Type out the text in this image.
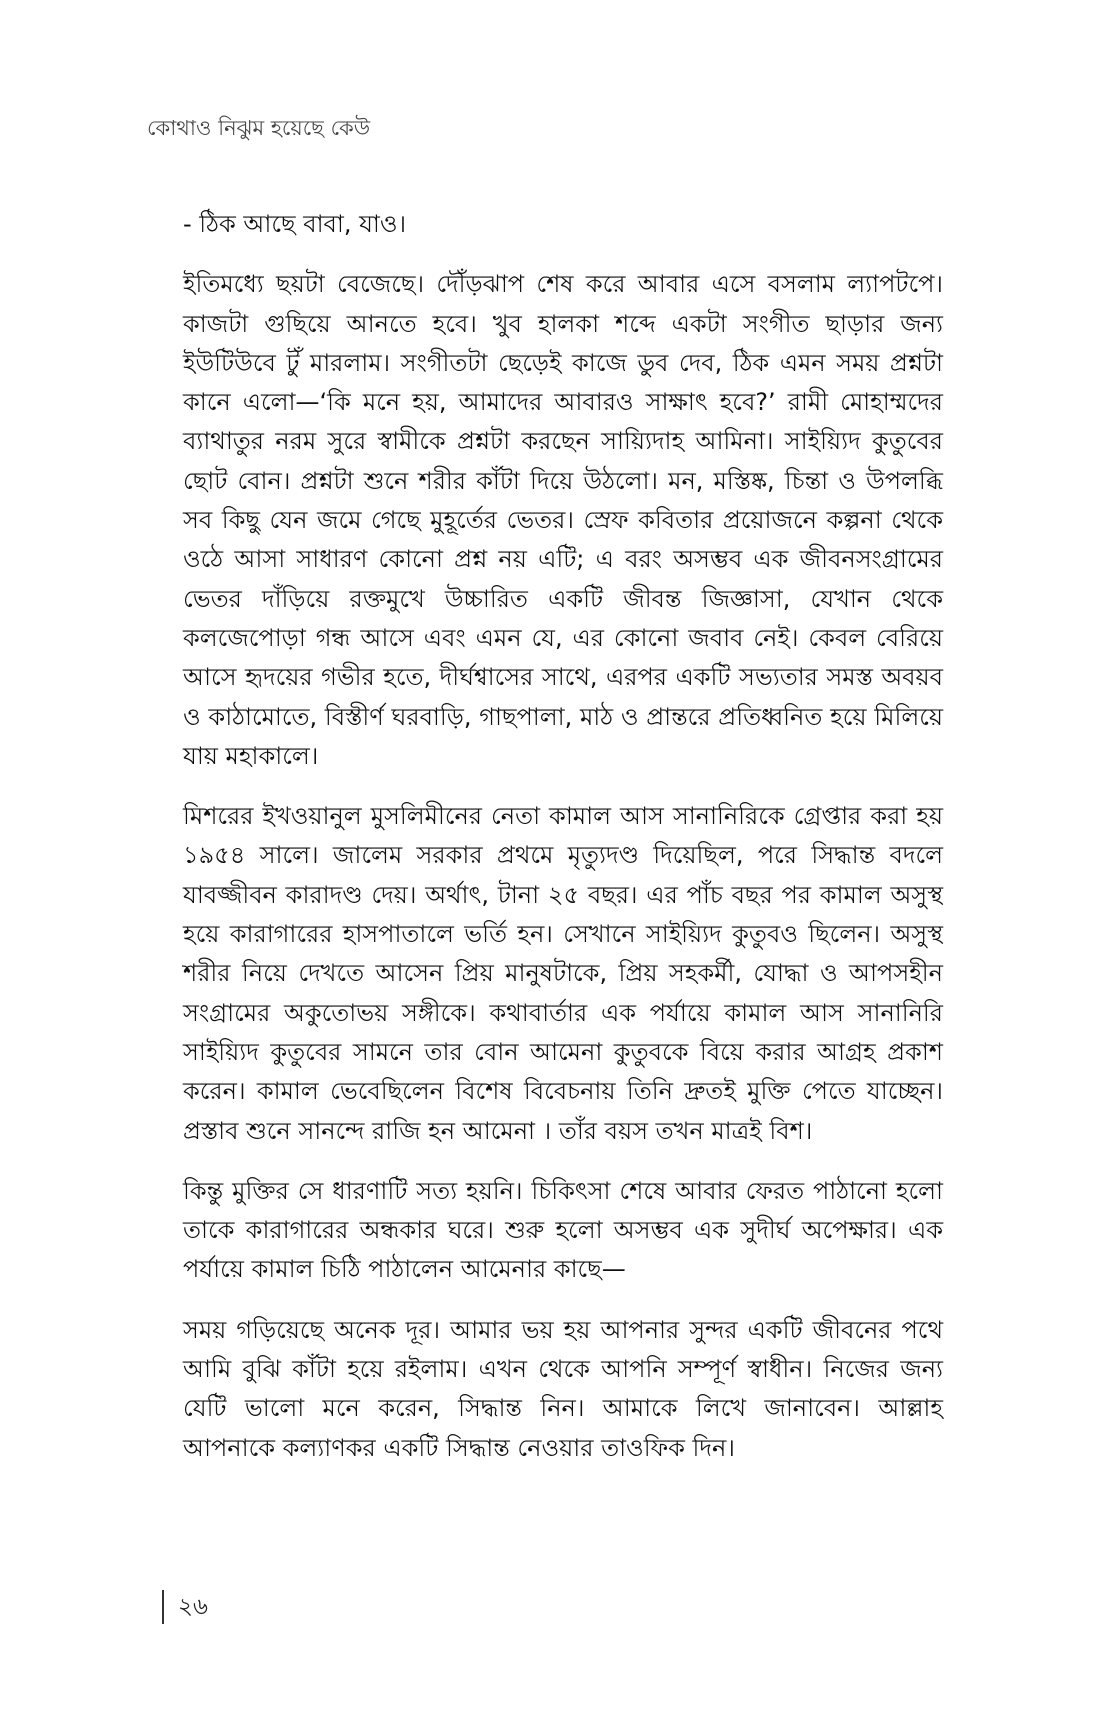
কোথাও নিঝুম হয়েছে কেউ

- ঠিক আছে বাবা, যাও।

ইতিমধ্যে ছয়টা বেজেছে। দৌঁড়ঝাপ শেষ করে আবার এসে বসলাম ল্যাপটপে। কাজটা গুছিয়ে আনতে হবে। খুব হালকা শব্দে একটা সংগীত ছাড়ার জন্য ইউটিউবে টুঁ মারলাম। সংগীতটা ছেড়েই কাজে ডুব দেব, ঠিক এমন সময় প্রশ্নটা কানে এলো—‘কি মনে হয়, আমাদের আবারও সাক্ষাৎ হবে?’ রামী মোহাম্মদের ব্যাথাতুর নরম সুরে স্বামীকে প্রশ্নটা করছেন সায়্যিদাহ আমিনা। সাইয়্যিদ কুতুবের ছোট বোন। প্রশ্নটা শুনে শরীর কাঁটা দিয়ে উঠলো। মন, মস্তিষ্ক, চিন্তা ও উপলব্ধি সব কিছু যেন জমে গেছে মুহূর্তের ভেতর। স্রেফ কবিতার প্রয়োজনে কল্পনা থেকে ওঠে আসা সাধারণ কোনো প্রশ্ন নয় এটি; এ বরং অসম্ভব এক জীবনসংগ্রামের ভেতর দাঁড়িয়ে রক্তমুখে উচ্চারিত একটি জীবন্ত জিজ্ঞাসা, যেখান থেকে কলজেপোড়া গন্ধ আসে এবং এমন যে, এর কোনো জবাব নেই। কেবল বেরিয়ে আসে হৃদয়ের গভীর হতে, দীর্ঘশ্বাসের সাথে, এরপর একটি সভ্যতার সমস্ত অবয়ব ও কাঠামোতে, বিস্তীর্ণ ঘরবাড়ি, গাছপালা, মাঠ ও প্রান্তরে প্রতিধ্বনিত হয়ে মিলিয়ে যায় মহাকালে।

মিশরের ইখওয়ানুল মুসলিমীনের নেতা কামাল আস সানানিরিকে গ্রেপ্তার করা হয় ১৯৫৪ সালে। জালেম সরকার প্রথমে মৃত্যুদণ্ড দিয়েছিল, পরে সিদ্ধান্ত বদলে যাবজ্জীবন কারাদণ্ড দেয়। অর্থাৎ, টানা ২৫ বছর। এর পাঁচ বছর পর কামাল অসুস্থ হয়ে কারাগারের হাসপাতালে ভর্তি হন। সেখানে সাইয়্যিদ কুতুবও ছিলেন। অসুস্থ শরীর নিয়ে দেখতে আসেন প্রিয় মানুষটাকে, প্রিয় সহকর্মী, যোদ্ধা ও আপসহীন সংগ্রামের অকুতোভয় সঙ্গীকে। কথাবার্তার এক পর্যায়ে কামাল আস সানানিরি সাইয়্যিদ কুতুবের সামনে তার বোন আমেনা কুতুবকে বিয়ে করার আগ্রহ প্রকাশ করেন। কামাল ভেবেছিলেন বিশেষ বিবেচনায় তিনি দ্রুতই মুক্তি পেতে যাচ্ছেন। প্রস্তাব শুনে সানন্দে রাজি হন আমেনা । তাঁর বয়স তখন মাত্রই বিশ।

কিন্তু মুক্তির সে ধারণাটি সত্য হয়নি। চিকিৎসা শেষে আবার ফেরত পাঠানো হলো তাকে কারাগারের অন্ধকার ঘরে। শুরু হলো অসম্ভব এক সুদীর্ঘ অপেক্ষার। এক পর্যায়ে কামাল চিঠি পাঠালেন আমেনার কাছে—

সময় গড়িয়েছে অনেক দূর। আমার ভয় হয় আপনার সুন্দর একটি জীবনের পথে আমি বুঝি কাঁটা হয়ে রইলাম। এখন থেকে আপনি সম্পূর্ণ স্বাধীন। নিজের জন্য যেটি ভালো মনে করেন, সিদ্ধান্ত নিন। আমাকে লিখে জানাবেন। আল্লাহ আপনাকে কল্যাণকর একটি সিদ্ধান্ত নেওয়ার তাওফিক দিন।

২৬
